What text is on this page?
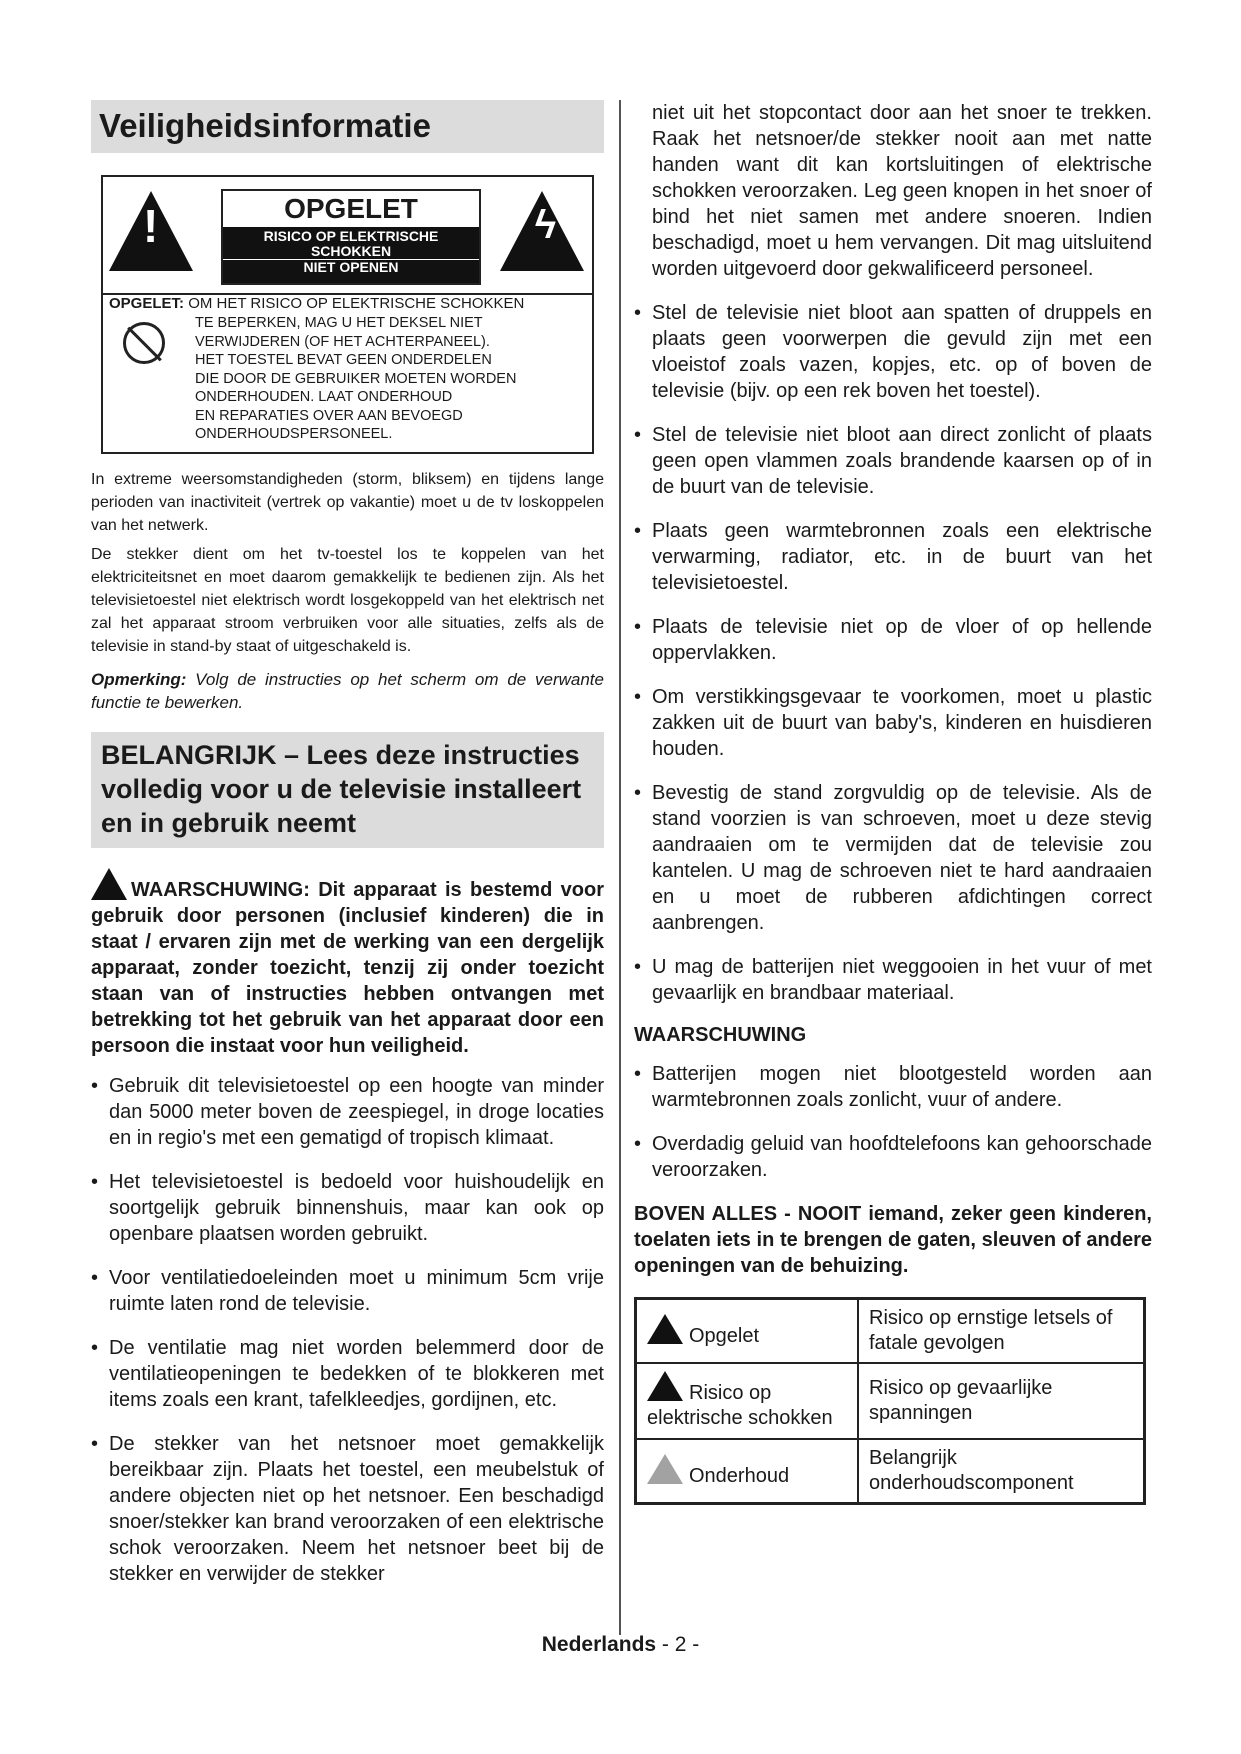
Veiligheidsinformatie
!	OPGELET
RISICO OP ELEKTRISCHE
SCHOKKEN
NIET OPENEN
ϟ
OPGELET: OM HET RISICO OP ELEKTRISCHE SCHOKKEN
TE BEPERKEN, MAG U HET DEKSEL NIET
VERWIJDEREN (OF HET ACHTERPANEEL).
HET TOESTEL BEVAT GEEN ONDERDELEN
DIE DOOR DE GEBRUIKER MOETEN WORDEN
ONDERHOUDEN. LAAT ONDERHOUD
EN REPARATIES OVER AAN BEVOEGD
ONDERHOUDSPERSONEEL.

In extreme weersomstandigheden (storm, bliksem) en tijdens lange perioden van inactiviteit (vertrek op vakantie) moet u de tv loskoppelen van het netwerk.

De stekker dient om het tv-toestel los te koppelen van het elektriciteitsnet en moet daarom gemakkelijk te bedienen zijn. Als het televisietoestel niet elektrisch wordt losgekoppeld van het elektrisch net zal het apparaat stroom verbruiken voor alle situaties, zelfs als de televisie in stand-by staat of uitgeschakeld is.

Opmerking: Volg de instructies op het scherm om de verwante functie te bewerken.
BELANGRIJK – Lees deze instructies volledig voor u de televisie installeert en in gebruik neemt
WAARSCHUWING: Dit apparaat is bestemd voor gebruik door personen (inclusief kinderen) die in staat / ervaren zijn met de werking van een dergelijk apparaat, zonder toezicht, tenzij zij onder toezicht staan van of instructies hebben ontvangen met betrekking tot het gebruik van het apparaat door een persoon die instaat voor hun veiligheid.
• Gebruik dit televisietoestel op een hoogte van minder dan 5000 meter boven de zeespiegel, in droge locaties en in regio's met een gematigd of tropisch klimaat.
• Het televisietoestel is bedoeld voor huishoudelijk en soortgelijk gebruik binnenshuis, maar kan ook op openbare plaatsen worden gebruikt.
• Voor ventilatiedoeleinden moet u minimum 5cm vrije ruimte laten rond de televisie.
• De ventilatie mag niet worden belemmerd door de ventilatieopeningen te bedekken of te blokkeren met items zoals een krant, tafelkleedjes, gordijnen, etc.
• De stekker van het netsnoer moet gemakkelijk bereikbaar zijn. Plaats het toestel, een meubelstuk of andere objecten niet op het netsnoer. Een beschadigd snoer/stekker kan brand veroorzaken of een elektrische schok veroorzaken. Neem het netsnoer beet bij de stekker en verwijder de stekker
niet uit het stopcontact door aan het snoer te trekken. Raak het netsnoer/de stekker nooit aan met natte handen want dit kan kortsluitingen of elektrische schokken veroorzaken. Leg geen knopen in het snoer of bind het niet samen met andere snoeren. Indien beschadigd, moet u hem vervangen. Dit mag uitsluitend worden uitgevoerd door gekwalificeerd personeel.
• Stel de televisie niet bloot aan spatten of druppels en plaats geen voorwerpen die gevuld zijn met een vloeistof zoals vazen, kopjes, etc. op of boven de televisie (bijv. op een rek boven het toestel).
• Stel de televisie niet bloot aan direct zonlicht of plaats geen open vlammen zoals brandende kaarsen op of in de buurt van de televisie.
• Plaats geen warmtebronnen zoals een elektrische verwarming, radiator, etc. in de buurt van het televisietoestel.
• Plaats de televisie niet op de vloer of op hellende oppervlakken.
• Om verstikkingsgevaar te voorkomen, moet u plastic zakken uit de buurt van baby's, kinderen en huisdieren houden.
• Bevestig de stand zorgvuldig op de televisie. Als de stand voorzien is van schroeven, moet u deze stevig aandraaien om te vermijden dat de televisie zou kantelen. U mag de schroeven niet te hard aandraaien en u moet de rubberen afdichtingen correct aanbrengen.
• U mag de batterijen niet weggooien in het vuur of met gevaarlijk en brandbaar materiaal.
WAARSCHUWING
• Batterijen mogen niet blootgesteld worden aan warmtebronnen zoals zonlicht, vuur of andere.
• Overdadig geluid van hoofdtelefoons kan gehoorschade veroorzaken.
BOVEN ALLES - NOOIT iemand, zeker geen kinderen, toelaten iets in te brengen de gaten, sleuven of andere openingen van de behuizing.
Opgelet	Risico op ernstige letsels of fatale gevolgen
Risico op elektrische schokken	Risico op gevaarlijke spanningen
Onderhoud	Belangrijk onderhoudscomponent
Nederlands - 2 -
